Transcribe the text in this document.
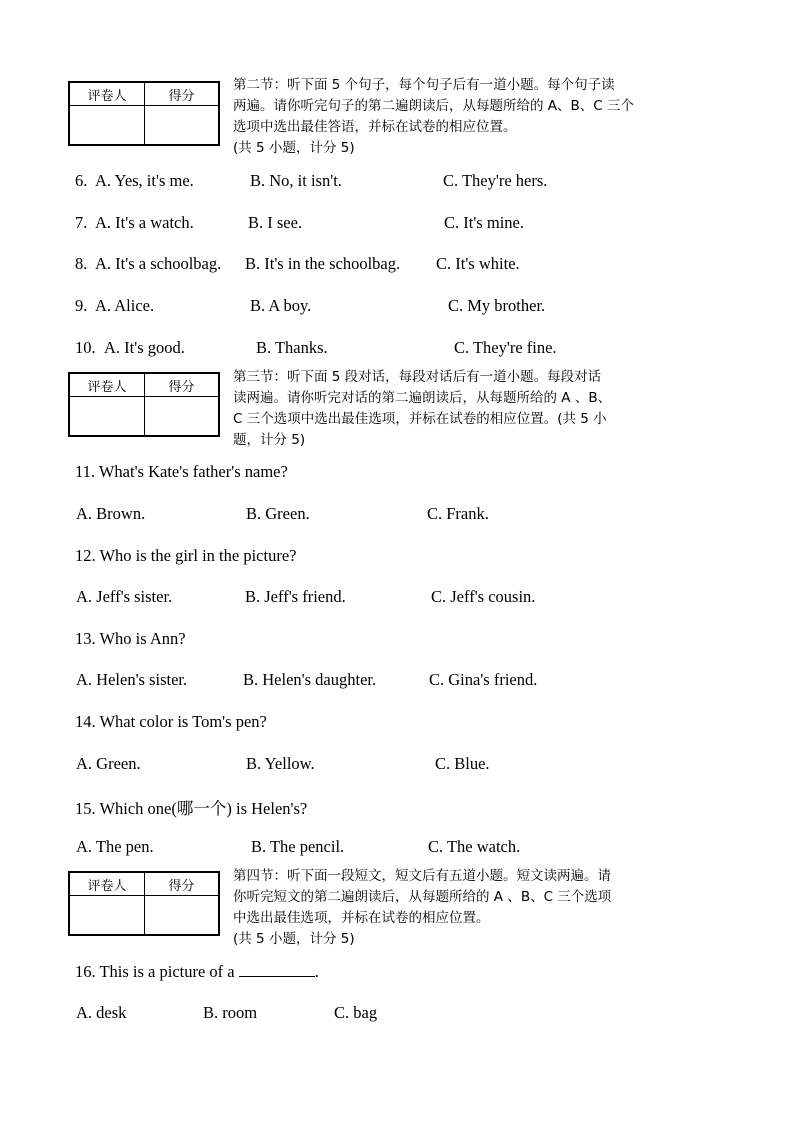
评卷人	得分

第二节：听下面 5 个句子，每个句子后有一道小题。每个句子读
两遍。请你听完句子的第二遍朗读后，从每题所给的 A、B、C 三个
选项中选出最佳答语，并标在试卷的相应位置。
(共 5 小题，计分 5)
6. A. Yes, it's me.	B. No, it isn't.	C. They're hers.
7. A. It's a watch.	B. I see.	C. It's mine.
8. A. It's a schoolbag. B. It's in the schoolbag. C. It's white.
9. A. Alice.	B. A boy.	C. My brother.
10. A. It's good.	B. Thanks.	C. They're fine.
评卷人	得分

第三节：听下面 5 段对话，每段对话后有一道小题。每段对话
读两遍。请你听完对话的第二遍朗读后，从每题所给的 A 、B、
C 三个选项中选出最佳选项，并标在试卷的相应位置。(共 5 小
题，计分 5)
11. What's Kate's father's name?
A. Brown.	B. Green.	C. Frank.
12. Who is the girl in the picture?
A. Jeff's sister.	B. Jeff's friend.	C. Jeff's cousin.
13. Who is Ann?
A. Helen's sister.	B. Helen's daughter.	C. Gina's friend.
14. What color is Tom's pen?
A. Green.	B. Yellow.	C. Blue.
15. Which one(哪一个) is Helen's?
A. The pen.	B. The pencil.	C. The watch.
评卷人	得分

第四节：听下面一段短文，短文后有五道小题。短文读两遍。请
你听完短文的第二遍朗读后，从每题所给的 A 、B、C 三个选项
中选出最佳选项，并标在试卷的相应位置。
(共 5 小题，计分 5)
16. This is a picture of a	.
A. desk	B. room	C. bag
